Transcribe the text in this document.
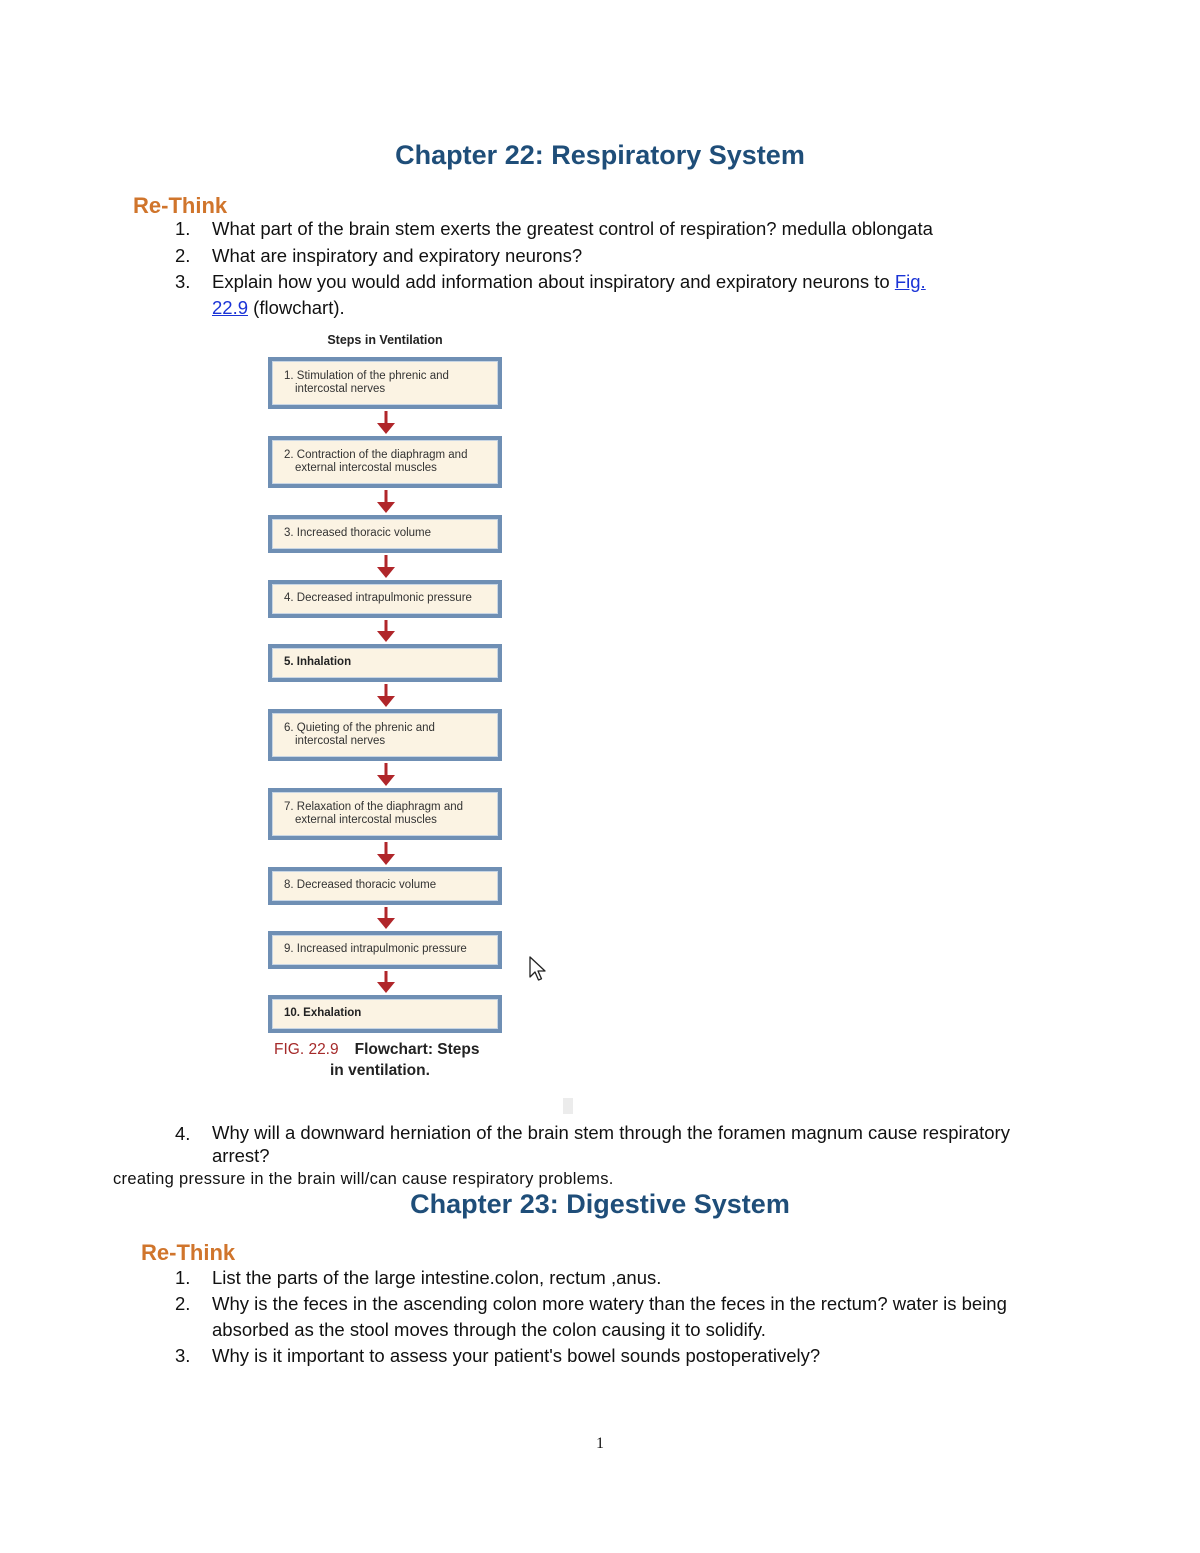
Chapter 22: Respiratory System
Re-Think
1.	What part of the brain stem exerts the greatest control of respiration? medulla oblongata
2.	What are inspiratory and expiratory neurons?
3.	Explain how you would add information about inspiratory and expiratory neurons to Fig.
22.9 (flowchart).
Steps in Ventilation
1. Stimulation of the phrenic and
intercostal nerves
2. Contraction of the diaphragm and
external intercostal muscles
3. Increased thoracic volume
4. Decreased intrapulmonic pressure
5. Inhalation
6. Quieting of the phrenic and
intercostal nerves
7. Relaxation of the diaphragm and
external intercostal muscles
8. Decreased thoracic volume
9. Increased intrapulmonic pressure
10. Exhalation
FIG. 22.9 Flowchart: Steps
in ventilation.
4.	Why will a downward herniation of the brain stem through the foramen magnum cause respiratory
arrest?
creating pressure in the brain will/can cause respiratory problems.
Chapter 23: Digestive System
Re-Think
1.	List the parts of the large intestine.colon, rectum ,anus.
2.	Why is the feces in the ascending colon more watery than the feces in the rectum? water is being
absorbed as the stool moves through the colon causing it to solidify.
3.	Why is it important to assess your patient's bowel sounds postoperatively?
1
